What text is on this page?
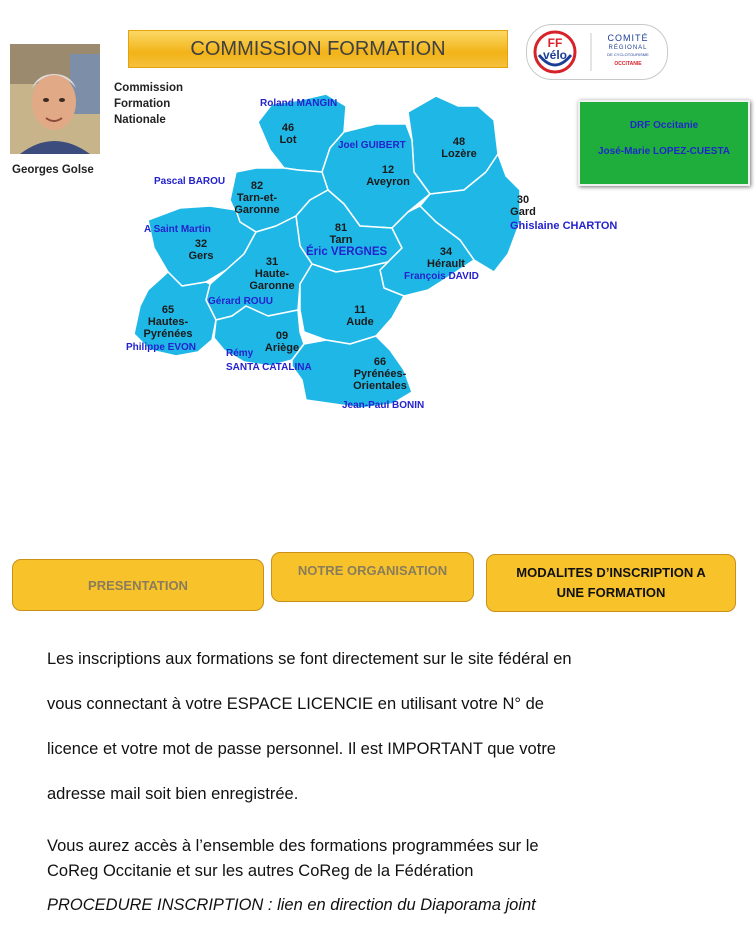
COMMISSION FORMATION
Commission
Formation
Nationale
Georges Golse
FF
vélo
COMITÉ
RÉGIONAL
DE CYCLOTOURISME
OCCITANIE
DRF Occitanie
José-Marie LOPEZ-CUESTA
46
Lot	48
Lozère
12
Aveyron
82
Tarn-et-
Garonne
30
Gard
81
Tarn
32
Gers	31
Haute-
Garonne
34
Hérault
65
Hautes-
Pyrénées
11
Aude
09
Ariège
66
Pyrénées-
Orientales
Roland MANGIN
Joel GUIBERT
Pascal BAROU
Ghislaine CHARTON
A Saint Martin
Éric VERGNES
François DAVID
Gérard ROUU
Philippe EVON
Rémy
SANTA CATALINA
Jean-Paul BONIN
PRESENTATION
NOTRE ORGANISATION	MODALITES D’INSCRIPTION A
UNE FORMATION
Les inscriptions aux formations se font directement sur le site fédéral en
vous connectant à votre ESPACE LICENCIE en utilisant votre N° de
licence et votre mot de passe personnel. Il est IMPORTANT que votre
adresse mail soit bien enregistrée.
Vous aurez accès à l’ensemble des formations programmées sur le
CoReg Occitanie et sur les autres CoReg de la Fédération
PROCEDURE INSCRIPTION : lien en direction du Diaporama joint
